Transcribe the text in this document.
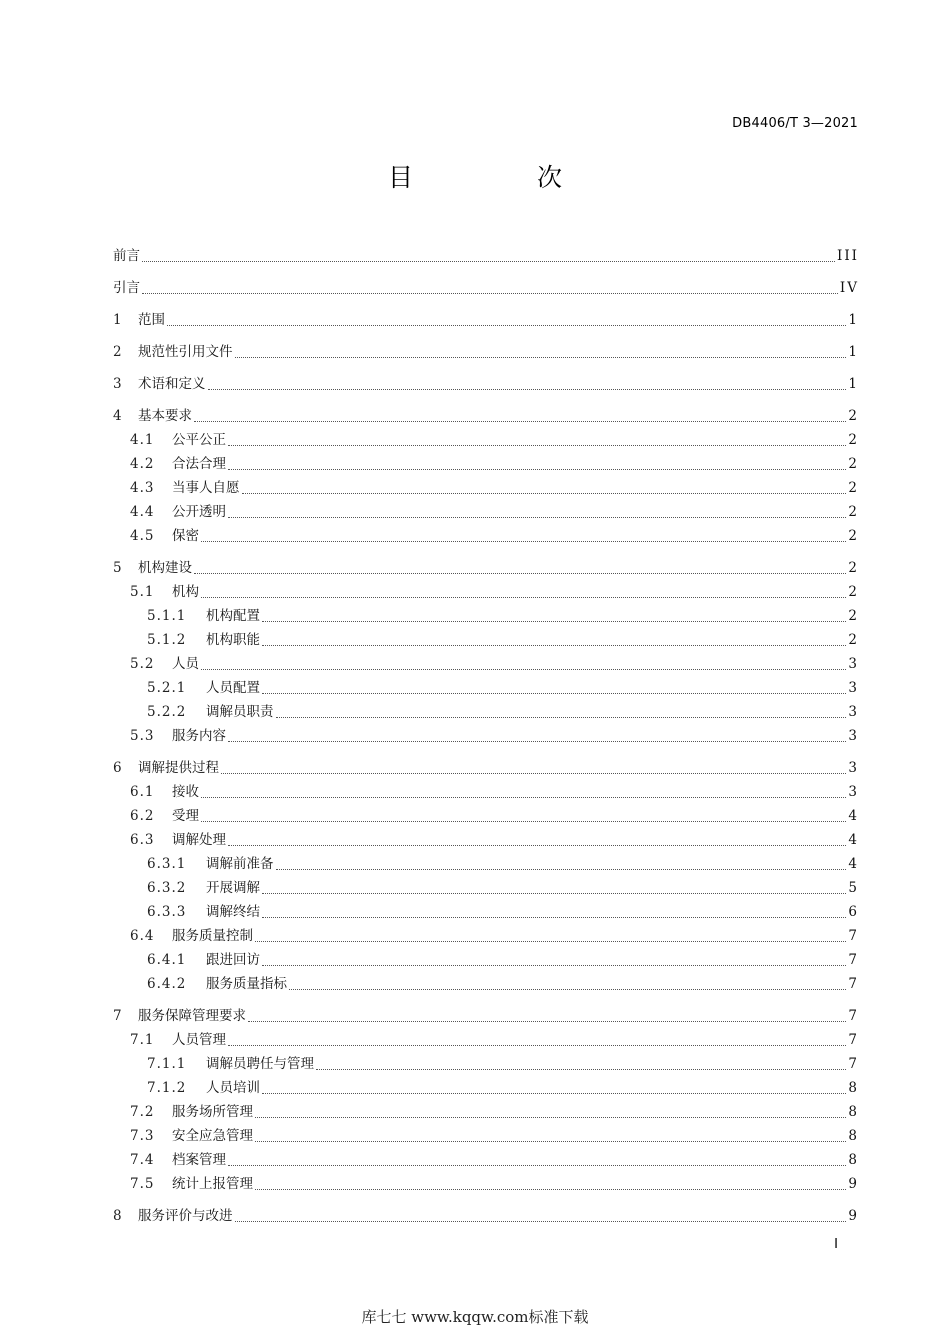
DB4406/T 3—2021
目 次
前言	III
引言	IV
1	范围	1
2	规范性引用文件	1
3	术语和定义	1
4	基本要求	2
4.1	公平公正	2
4.2	合法合理	2
4.3	当事人自愿	2
4.4	公开透明	2
4.5	保密	2
5	机构建设	2
5.1	机构	2
5.1.1	机构配置	2
5.1.2	机构职能	2
5.2	人员	3
5.2.1	人员配置	3
5.2.2	调解员职责	3
5.3	服务内容	3
6	调解提供过程	3
6.1	接收	3
6.2	受理	4
6.3	调解处理	4
6.3.1	调解前准备	4
6.3.2	开展调解	5
6.3.3	调解终结	6
6.4	服务质量控制	7
6.4.1	跟进回访	7
6.4.2	服务质量指标	7
7	服务保障管理要求	7
7.1	人员管理	7
7.1.1	调解员聘任与管理	7
7.1.2	人员培训	8
7.2	服务场所管理	8
7.3	安全应急管理	8
7.4	档案管理	8
7.5	统计上报管理	9
8	服务评价与改进	9
I
库七七 www.kqqw.com标准下载
